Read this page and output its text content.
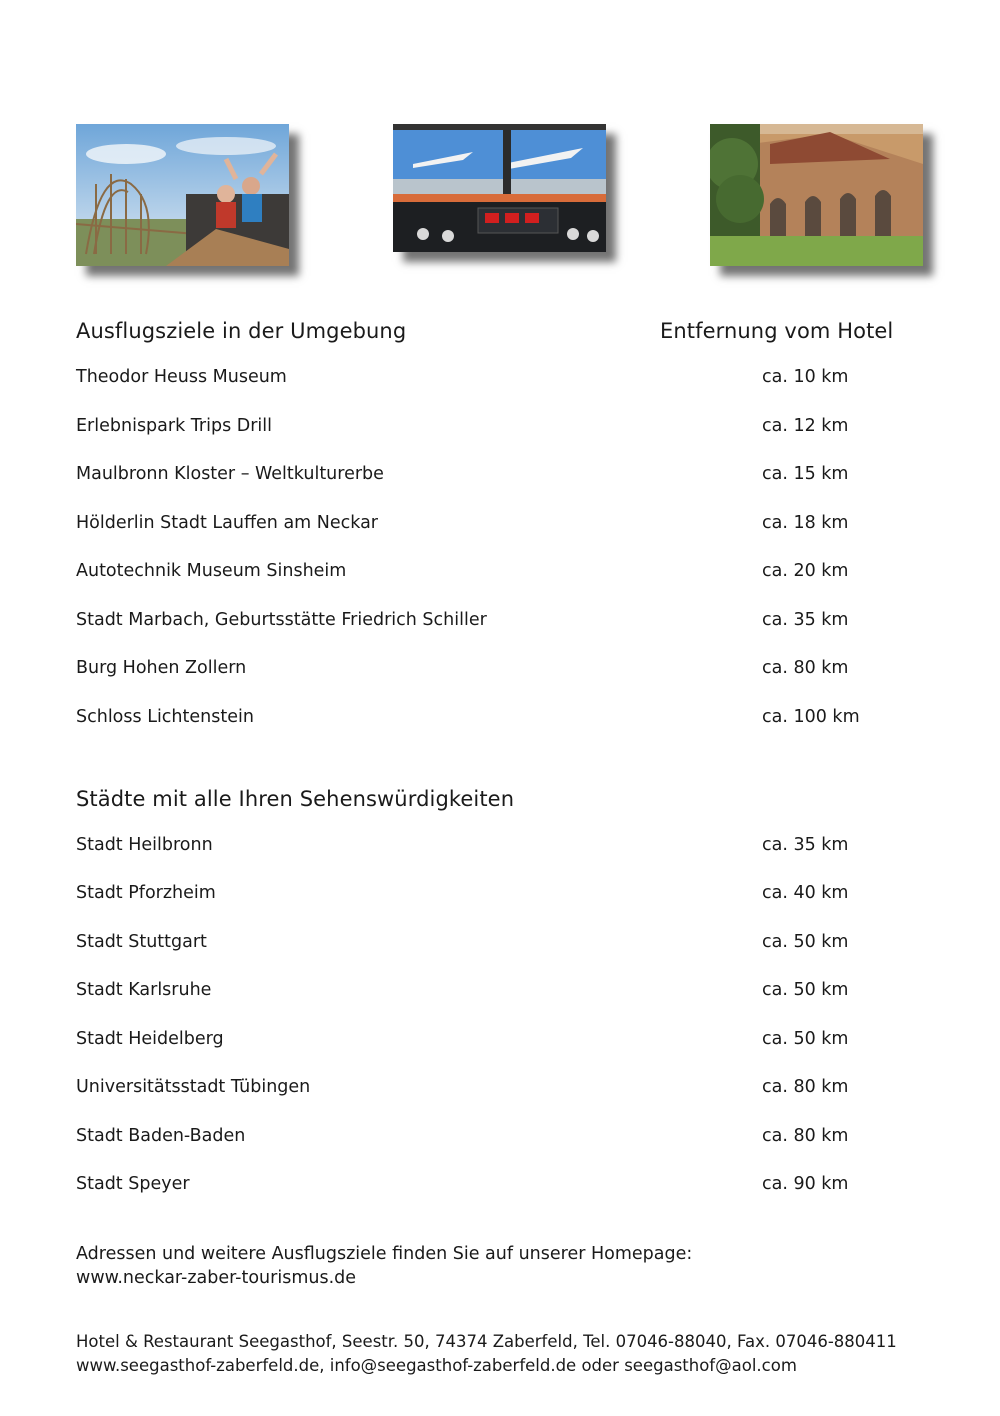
Ausflugsziele in der Umgebung	Entfernung vom Hotel
Theodor Heuss Museum	ca. 10 km
Erlebnispark Trips Drill	ca. 12 km
Maulbronn Kloster – Weltkulturerbe	ca. 15 km
Hölderlin Stadt Lauffen am Neckar	ca. 18 km
Autotechnik Museum Sinsheim	ca. 20 km
Stadt Marbach, Geburtsstätte Friedrich Schiller	ca. 35 km
Burg Hohen Zollern	ca. 80 km
Schloss Lichtenstein	ca. 100 km
Städte mit alle Ihren Sehenswürdigkeiten
Stadt Heilbronn	ca. 35 km
Stadt Pforzheim	ca. 40 km
Stadt Stuttgart	ca. 50 km
Stadt Karlsruhe	ca. 50 km
Stadt Heidelberg	ca. 50 km
Universitätsstadt Tübingen	ca. 80 km
Stadt Baden-Baden	ca. 80 km
Stadt Speyer	ca. 90 km
Adressen und weitere Ausflugsziele finden Sie auf unserer Homepage:
www.neckar-zaber-tourismus.de
Hotel & Restaurant Seegasthof, Seestr. 50, 74374 Zaberfeld, Tel. 07046-88040, Fax. 07046-880411
www.seegasthof-zaberfeld.de, info@seegasthof-zaberfeld.de oder seegasthof@aol.com
